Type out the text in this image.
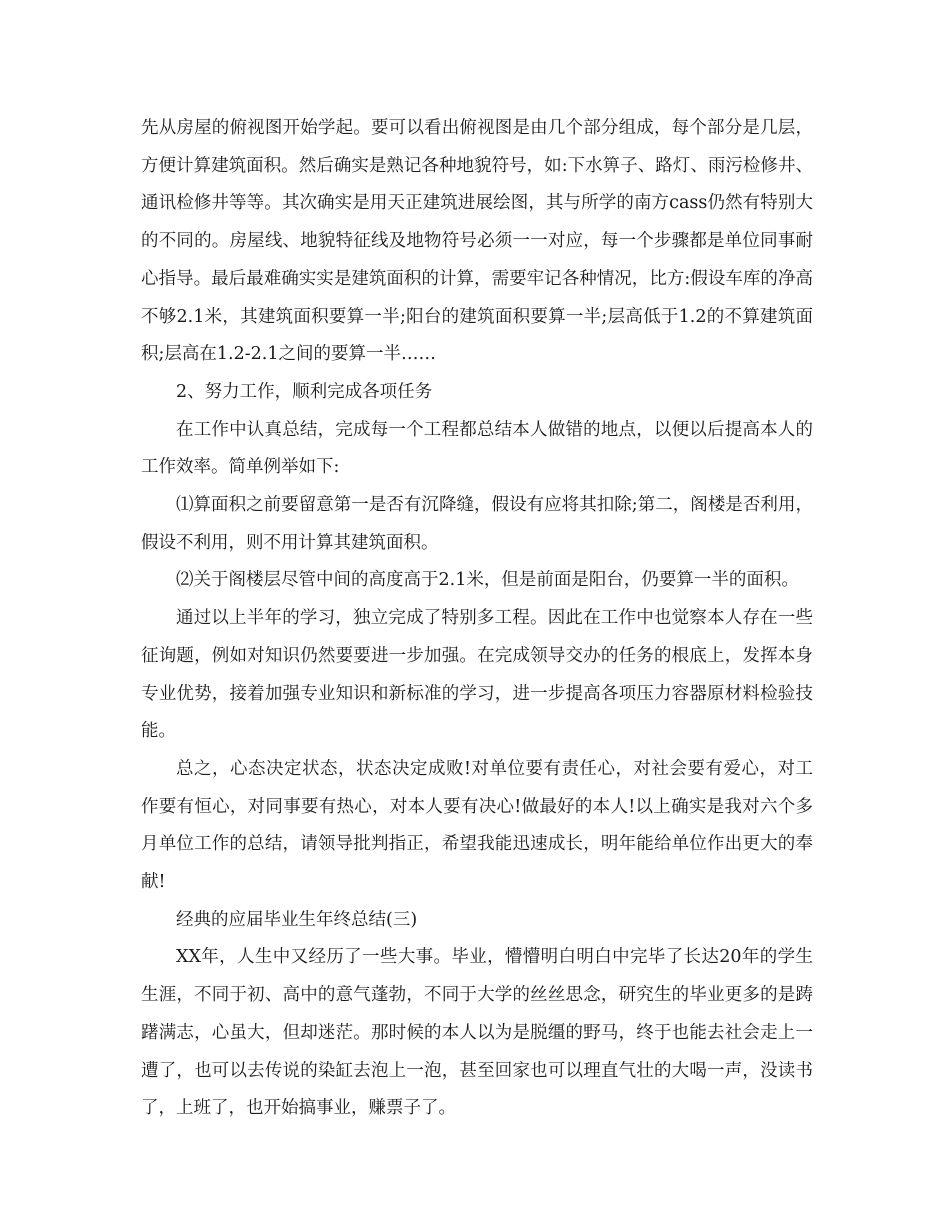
先从房屋的俯视图开始学起。要可以看出俯视图是由几个部分组成，每个部分是几层，方便计算建筑面积。然后确实是熟记各种地貌符号，如:下水箅子、路灯、雨污检修井、通讯检修井等等。其次确实是用天正建筑进展绘图，其与所学的南方cass仍然有特别大的不同的。房屋线、地貌特征线及地物符号必须一一对应，每一个步骤都是单位同事耐心指导。最后最难确实实是建筑面积的计算，需要牢记各种情况，比方:假设车库的净高不够2.1米，其建筑面积要算一半;阳台的建筑面积要算一半;层高低于1.2的不算建筑面积;层高在1.2-2.1之间的要算一半……

2、努力工作，顺利完成各项任务

在工作中认真总结，完成每一个工程都总结本人做错的地点，以便以后提高本人的工作效率。简单例举如下:

⑴算面积之前要留意第一是否有沉降缝，假设有应将其扣除;第二，阁楼是否利用，假设不利用，则不用计算其建筑面积。

⑵关于阁楼层尽管中间的高度高于2.1米，但是前面是阳台，仍要算一半的面积。

通过以上半年的学习，独立完成了特别多工程。因此在工作中也觉察本人存在一些征询题，例如对知识仍然要要进一步加强。在完成领导交办的任务的根底上，发挥本身专业优势，接着加强专业知识和新标准的学习，进一步提高各项压力容器原材料检验技能。

总之，心态决定状态，状态决定成败!对单位要有责任心，对社会要有爱心，对工作要有恒心，对同事要有热心，对本人要有决心!做最好的本人!以上确实是我对六个多月单位工作的总结，请领导批判指正，希望我能迅速成长，明年能给单位作出更大的奉献!

经典的应届毕业生年终总结(三)

XX年，人生中又经历了一些大事。毕业，懵懵明白明白中完毕了长达20年的学生生涯，不同于初、高中的意气蓬勃，不同于大学的丝丝思念，研究生的毕业更多的是踌躇满志，心虽大，但却迷茫。那时候的本人以为是脱缰的野马，终于也能去社会走上一遭了，也可以去传说的染缸去泡上一泡，甚至回家也可以理直气壮的大喝一声，没读书了，上班了，也开始搞事业，赚票子了。
